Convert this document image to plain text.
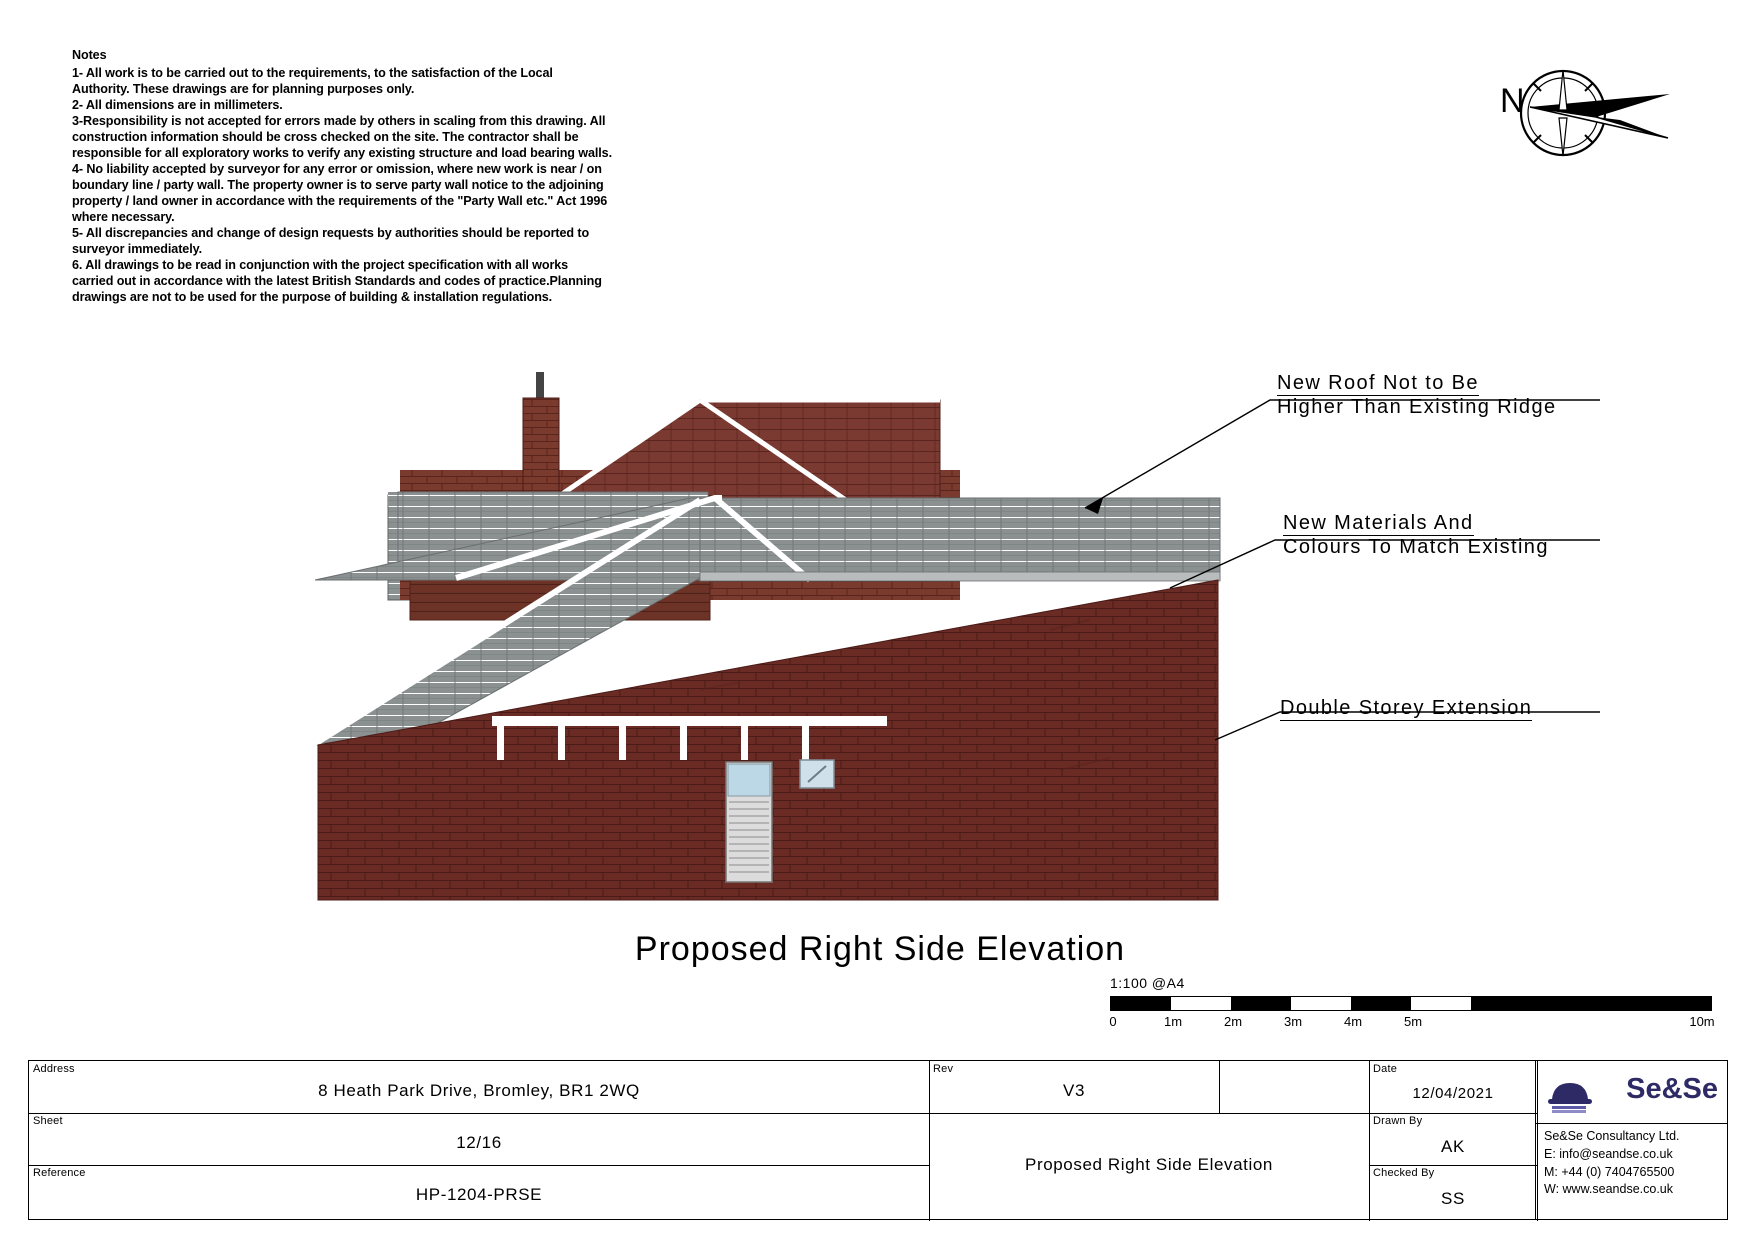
Notes

1- All work is to be carried out to the requirements, to the satisfaction of the Local Authority. These drawings are for planning purposes only.

2- All dimensions are in millimeters.

3-Responsibility is not accepted for errors made by others in scaling from this drawing. All construction information should be cross checked on the site. The contractor shall be responsible for all exploratory works to verify any existing structure and load bearing walls.

4- No liability accepted by surveyor for any error or omission, where new work is near / on boundary line / party wall. The property owner is to serve party wall notice to the adjoining property / land owner in accordance with the requirements of the "Party Wall etc." Act 1996 where necessary.

5- All discrepancies and change of design requests by authorities should be reported to surveyor immediately.

6. All drawings to be read in conjunction with the project specification with all works carried out in accordance with the latest British Standards and codes of practice.Planning drawings are not to be used for the purpose of building & installation regulations.

N
New Roof Not to Be
Higher Than Existing Ridge
New Materials And
Colours To Match Existing
Double Storey Extension
Proposed Right Side Elevation
1:100 @A4
0	1m	2m	3m	4m	5m	10m
Address
8 Heath Park Drive, Bromley, BR1 2WQ
Sheet
12/16
Reference
HP-1204-PRSE
Proposed Right Side Elevation
Rev
V3
Date
12/04/2021
Drawn By
AK
Checked By
SS
Se&Se
Se&Se Consultancy Ltd.
E: info@seandse.co.uk
M: +44 (0) 7404765500
W: www.seandse.co.uk
